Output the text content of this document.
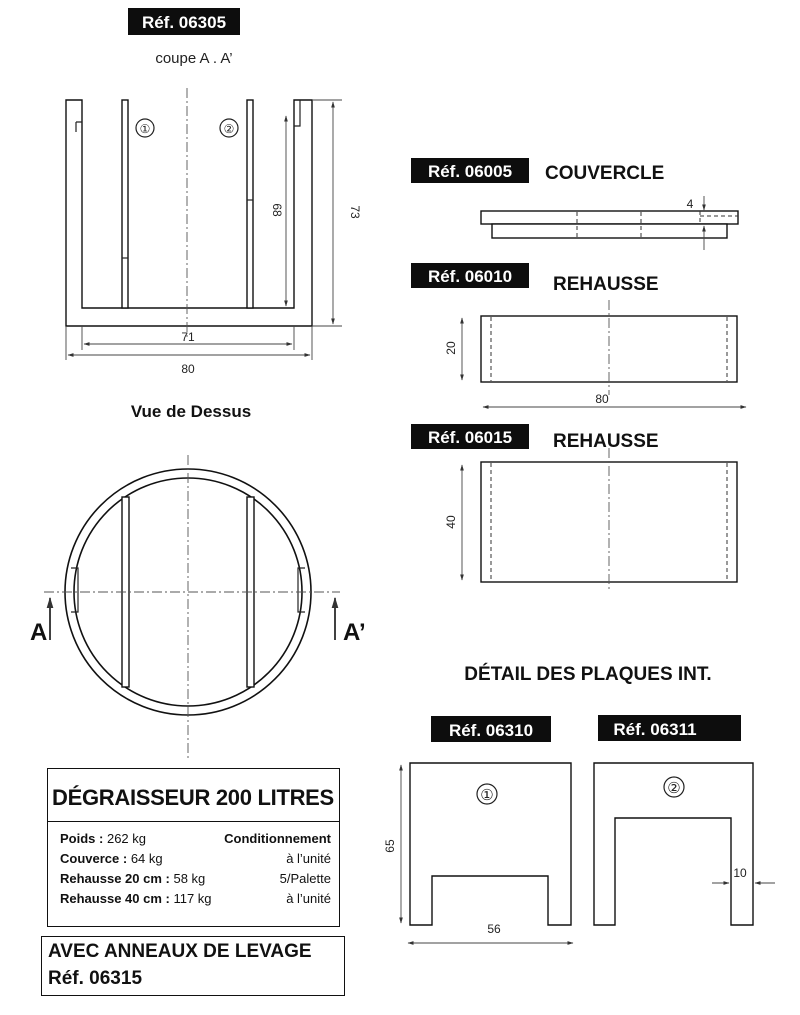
Réf. 06305
coupe A . A’
①	②
68	73
71
80
Vue de Dessus
A	A’
Réf. 06005 COUVERCLE
4
Réf. 06010 REHAUSSE
20
80
Réf. 06015 REHAUSSE
40
DÉTAIL DES PLAQUES INT.
Réf. 06310	Réf. 06311
①
65
56
②
10
DÉGRAISSEUR 200 LITRES
Poids : 262 kg
Couverce : 64 kg
Rehausse 20 cm : 58 kg
Rehausse 40 cm : 117 kg
Conditionnement
à l’unité
5/Palette
à l’unité
AVEC ANNEAUX DE LEVAGE
Réf. 06315
